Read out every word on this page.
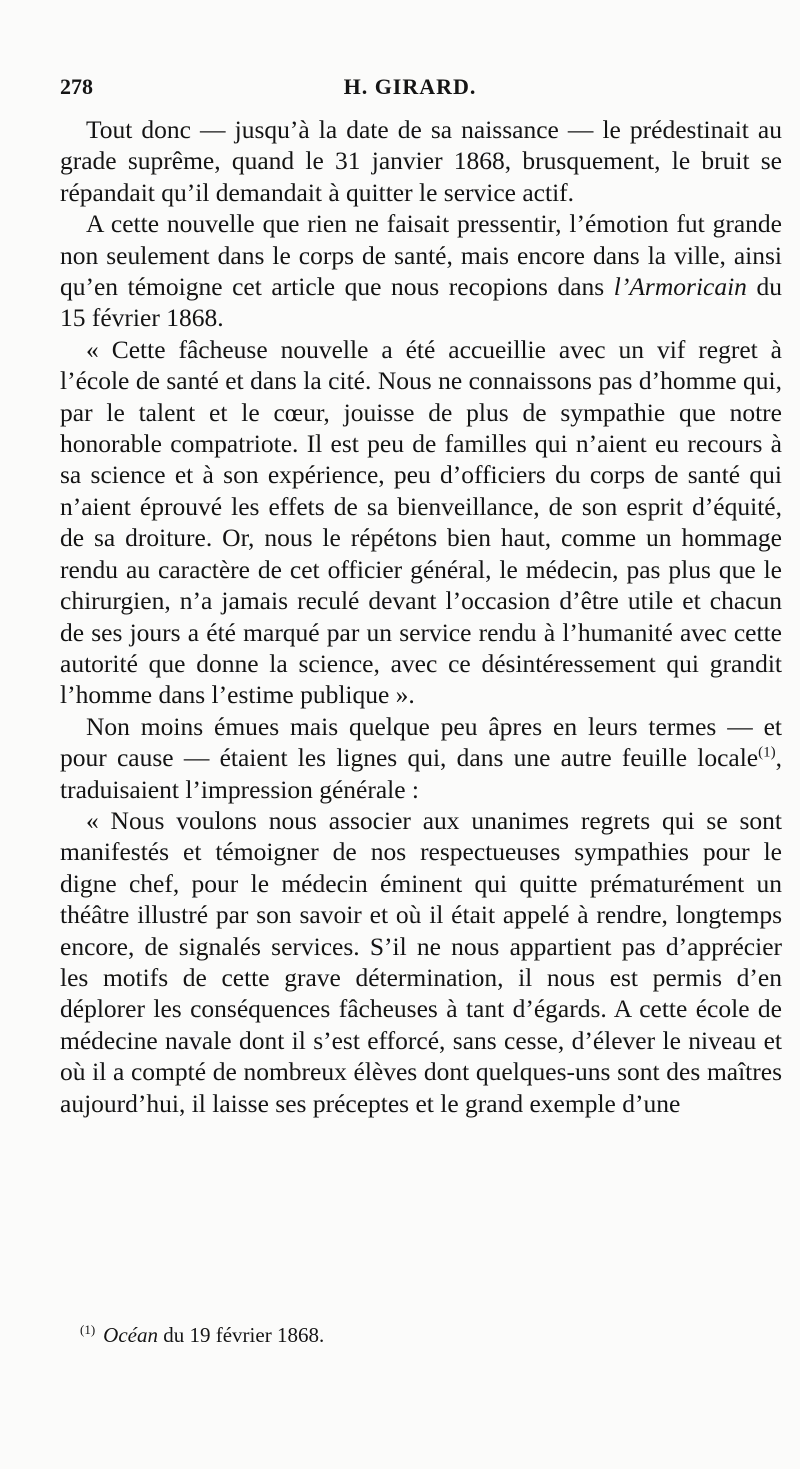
278	H. GIRARD.

Tout donc — jusqu’à la date de sa naissance — le prédestinait au grade suprême, quand le 31 janvier 1868, brusquement, le bruit se répandait qu’il demandait à quitter le service actif.

A cette nouvelle que rien ne faisait pressentir, l’émotion fut grande non seulement dans le corps de santé, mais encore dans la ville, ainsi qu’en témoigne cet article que nous recopions dans l’Armoricain du 15 février 1868.

« Cette fâcheuse nouvelle a été accueillie avec un vif regret à l’école de santé et dans la cité. Nous ne connaissons pas d’homme qui, par le talent et le cœur, jouisse de plus de sympathie que notre honorable compatriote. Il est peu de familles qui n’aient eu recours à sa science et à son expérience, peu d’officiers du corps de santé qui n’aient éprouvé les effets de sa bienveillance, de son esprit d’équité, de sa droiture. Or, nous le répétons bien haut, comme un hommage rendu au caractère de cet officier général, le médecin, pas plus que le chirurgien, n’a jamais reculé devant l’occasion d’être utile et chacun de ses jours a été marqué par un service rendu à l’humanité avec cette autorité que donne la science, avec ce désintéressement qui grandit l’homme dans l’estime publique ».

Non moins émues mais quelque peu âpres en leurs termes — et pour cause — étaient les lignes qui, dans une autre feuille locale$^{(1)}$, traduisaient l’impression générale :

« Nous voulons nous associer aux unanimes regrets qui se sont manifestés et témoigner de nos respectueuses sympathies pour le digne chef, pour le médecin éminent qui quitte prématurément un théâtre illustré par son savoir et où il était appelé à rendre, longtemps encore, de signalés services. S’il ne nous appartient pas d’apprécier les motifs de cette grave détermination, il nous est permis d’en déplorer les conséquences fâcheuses à tant d’égards. A cette école de médecine navale dont il s’est efforcé, sans cesse, d’élever le niveau et où il a compté de nombreux élèves dont quelques-uns sont des maîtres aujourd’hui, il laisse ses préceptes et le grand exemple d’une

$^{(1)}$ Océan du 19 février 1868.
